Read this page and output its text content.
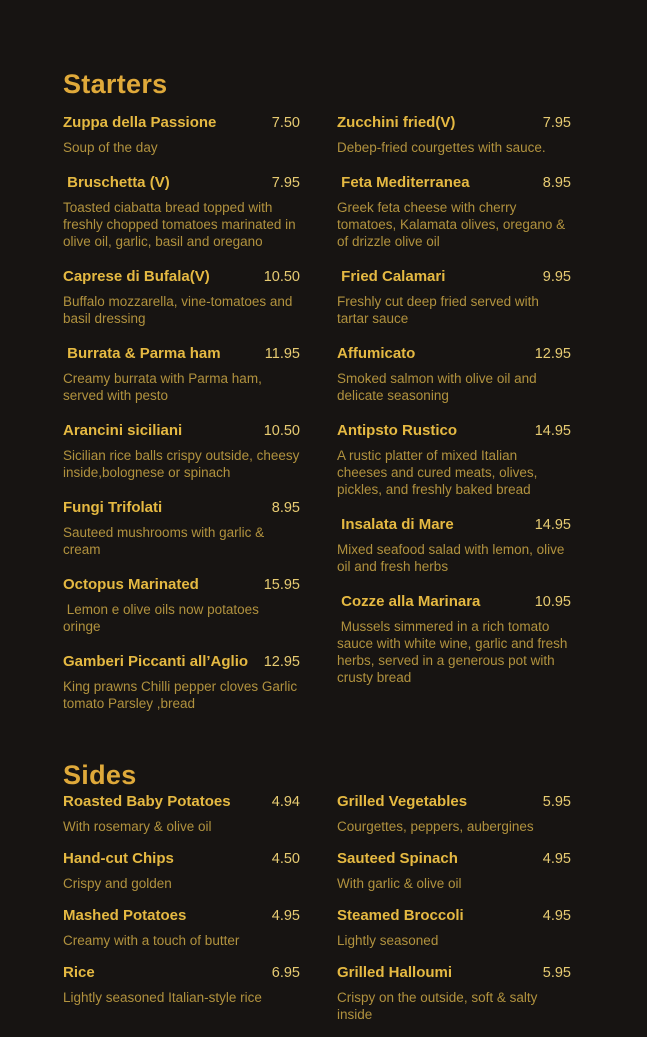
Starters
Zuppa della Passione	7.50
Soup of the day
Bruschetta (V)	7.95
Toasted ciabatta bread topped with freshly chopped tomatoes marinated in olive oil, garlic, basil and oregano
Caprese di Bufala(V)	10.50
Buffalo mozzarella, vine-tomatoes and basil dressing
Burrata & Parma ham	11.95
Creamy burrata with Parma ham, served with pesto
Arancini siciliani	10.50
Sicilian rice balls crispy outside, cheesy inside,bolognese or spinach
Fungi Trifolati	8.95
Sauteed mushrooms with garlic & cream
Octopus Marinated	15.95
Lemon e olive oils now potatoes oringe
Gamberi Piccanti all’Aglio 12.95
King prawns Chilli pepper cloves Garlic tomato Parsley ,bread
Zucchini fried(V)	7.95
Debep-fried courgettes with sauce.
Feta Mediterranea	8.95
Greek feta cheese with cherry tomatoes, Kalamata olives, oregano & of drizzle olive oil
Fried Calamari	9.95
Freshly cut deep fried served with tartar sauce
Affumicato	12.95
Smoked salmon with olive oil and delicate seasoning
Antipsto Rustico	14.95
A rustic platter of mixed Italian cheeses and cured meats, olives, pickles, and freshly baked bread
Insalata di Mare	14.95
Mixed seafood salad with lemon, olive oil and fresh herbs
Cozze alla Marinara	10.95
Mussels simmered in a rich tomato sauce with white wine, garlic and fresh herbs, served in a generous pot with crusty bread
Sides
Roasted Baby Potatoes	4.94
With rosemary & olive oil
Hand-cut Chips	4.50
Crispy and golden
Mashed Potatoes	4.95
Creamy with a touch of butter
Rice	6.95
Lightly seasoned Italian-style rice
Grilled Vegetables	5.95
Courgettes, peppers, aubergines
Sauteed Spinach	4.95
With garlic & olive oil
Steamed Broccoli	4.95
Lightly seasoned
Grilled Halloumi	5.95
Crispy on the outside, soft & salty inside
